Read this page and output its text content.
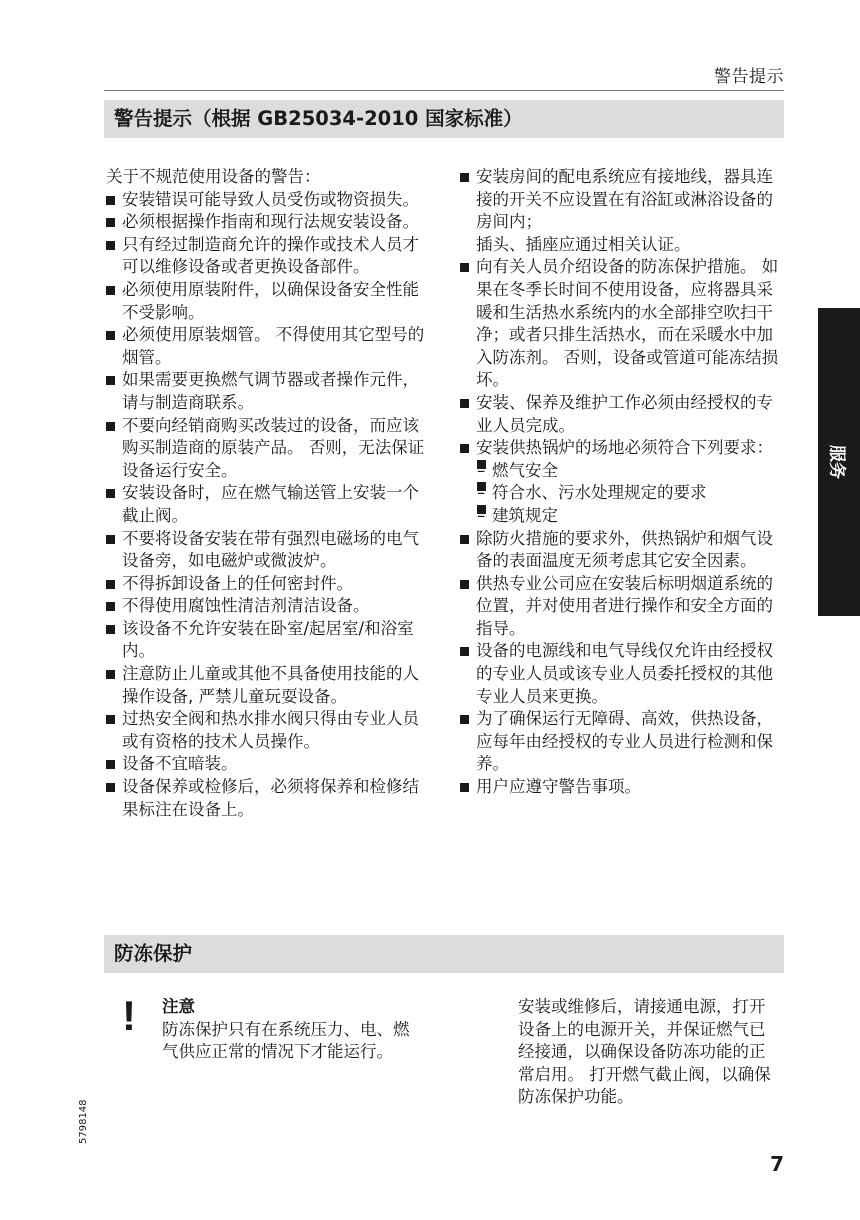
警告提示
警告提示（根据 GB25034-2010 国家标准）

关于不规范使用设备的警告：

安装错误可能导致人员受伤或物资损失。
必须根据操作指南和现行法规安装设备。
只有经过制造商允许的操作或技术人员才可以维修设备或者更换设备部件。
必须使用原装附件，以确保设备安全性能不受影响。
必须使用原装烟管。 不得使用其它型号的烟管。
如果需要更换燃气调节器或者操作元件，请与制造商联系。
不要向经销商购买改装过的设备，而应该购买制造商的原装产品。 否则，无法保证设备运行安全。
安装设备时，应在燃气输送管上安装一个截止阀。
不要将设备安装在带有强烈电磁场的电气设备旁，如电磁炉或微波炉。
不得拆卸设备上的任何密封件。
不得使用腐蚀性清洁剂清洁设备。
该设备不允许安装在卧室/起居室/和浴室内。
注意防止儿童或其他不具备使用技能的人操作设备, 严禁儿童玩耍设备。
过热安全阀和热水排水阀只得由专业人员或有资格的技术人员操作。
设备不宜暗装。
设备保养或检修后，必须将保养和检修结果标注在设备上。
安装房间的配电系统应有接地线，器具连接的开关不应设置在有浴缸或淋浴设备的房间内；
插头、插座应通过相关认证。
向有关人员介绍设备的防冻保护措施。 如果在冬季长时间不使用设备，应将器具采暖和生活热水系统内的水全部排空吹扫干净；或者只排生活热水，而在采暖水中加入防冻剂。 否则，设备或管道可能冻结损坏。
安装、保养及维护工作必须由经授权的专业人员完成。
安装供热锅炉的场地必须符合下列要求：
– 燃气安全
– 符合水、污水处理规定的要求
– 建筑规定
除防火措施的要求外，供热锅炉和烟气设备的表面温度无须考虑其它安全因素。
供热专业公司应在安装后标明烟道系统的位置，并对使用者进行操作和安全方面的指导。
设备的电源线和电气导线仅允许由经授权的专业人员或该专业人员委托授权的其他专业人员来更换。
为了确保运行无障碍、高效，供热设备，应每年由经授权的专业人员进行检测和保养。
用户应遵守警告事项。
防冻保护
! 注意
防冻保护只有在系统压力、电、燃气供应正常的情况下才能运行。
安装或维修后，请接通电源，打开设备上的电源开关，并保证燃气已经接通，以确保设备防冻功能的正常启用。 打开燃气截止阀，以确保防冻保护功能。
服务
5798148
7
